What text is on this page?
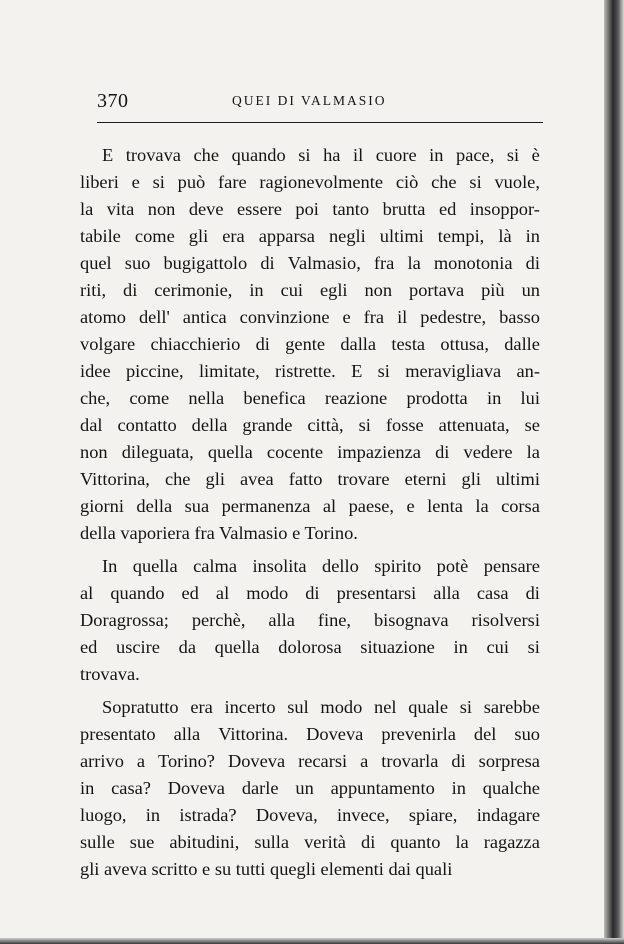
370	QUEI DI VALMASIO
E trovava che quando si ha il cuore in pace, si è
liberi e si può fare ragionevolmente ciò che si vuole,
la vita non deve essere poi tanto brutta ed insoppor-
tabile come gli era apparsa negli ultimi tempi, là in
quel suo bugigattolo di Valmasio, fra la monotonia di
riti, di cerimonie, in cui egli non portava più un
atomo dell' antica convinzione e fra il pedestre, basso
volgare chiacchierio di gente dalla testa ottusa, dalle
idee piccine, limitate, ristrette. E si meravigliava an-
che, come nella benefica reazione prodotta in lui
dal contatto della grande città, si fosse attenuata, se
non dileguata, quella cocente impazienza di vedere la
Vittorina, che gli avea fatto trovare eterni gli ultimi
giorni della sua permanenza al paese, e lenta la corsa
della vaporiera fra Valmasio e Torino.
In quella calma insolita dello spirito potè pensare
al quando ed al modo di presentarsi alla casa di
Doragrossa; perchè, alla fine, bisognava risolversi
ed uscire da quella dolorosa situazione in cui si
trovava.
Sopratutto era incerto sul modo nel quale si sarebbe
presentato alla Vittorina. Doveva prevenirla del suo
arrivo a Torino? Doveva recarsi a trovarla di sorpresa
in casa? Doveva darle un appuntamento in qualche
luogo, in istrada? Doveva, invece, spiare, indagare
sulle sue abitudini, sulla verità di quanto la ragazza
gli aveva scritto e su tutti quegli elementi dai quali
